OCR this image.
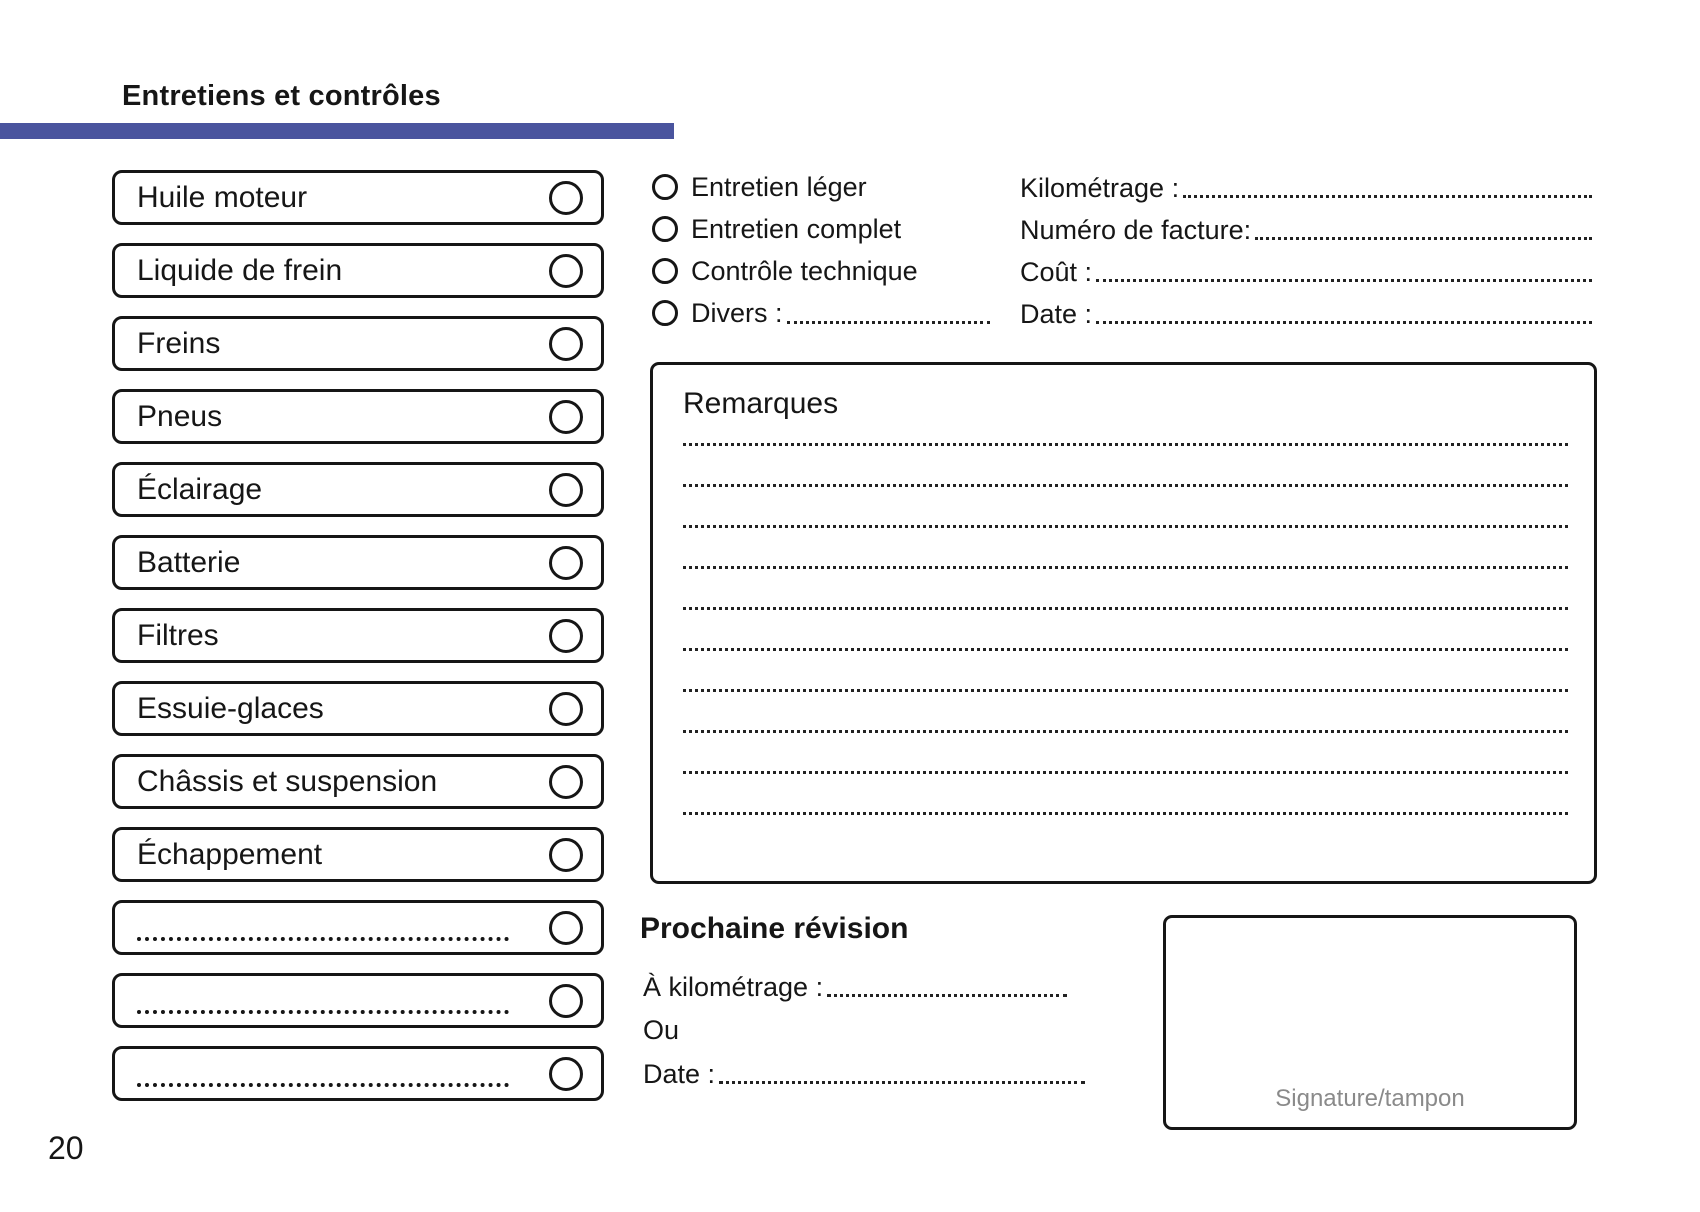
Entretiens et contrôles
Huile moteur
Liquide de frein
Freins
Pneus
Éclairage
Batterie
Filtres
Essuie-glaces
Châssis et suspension
Échappement
Entretien léger
Entretien complet
Contrôle technique
Divers :
Kilométrage :
Numéro de facture:
Coût :
Date :
Remarques
Prochaine révision
À kilométrage :
Ou
Date :
Signature/tampon
20
